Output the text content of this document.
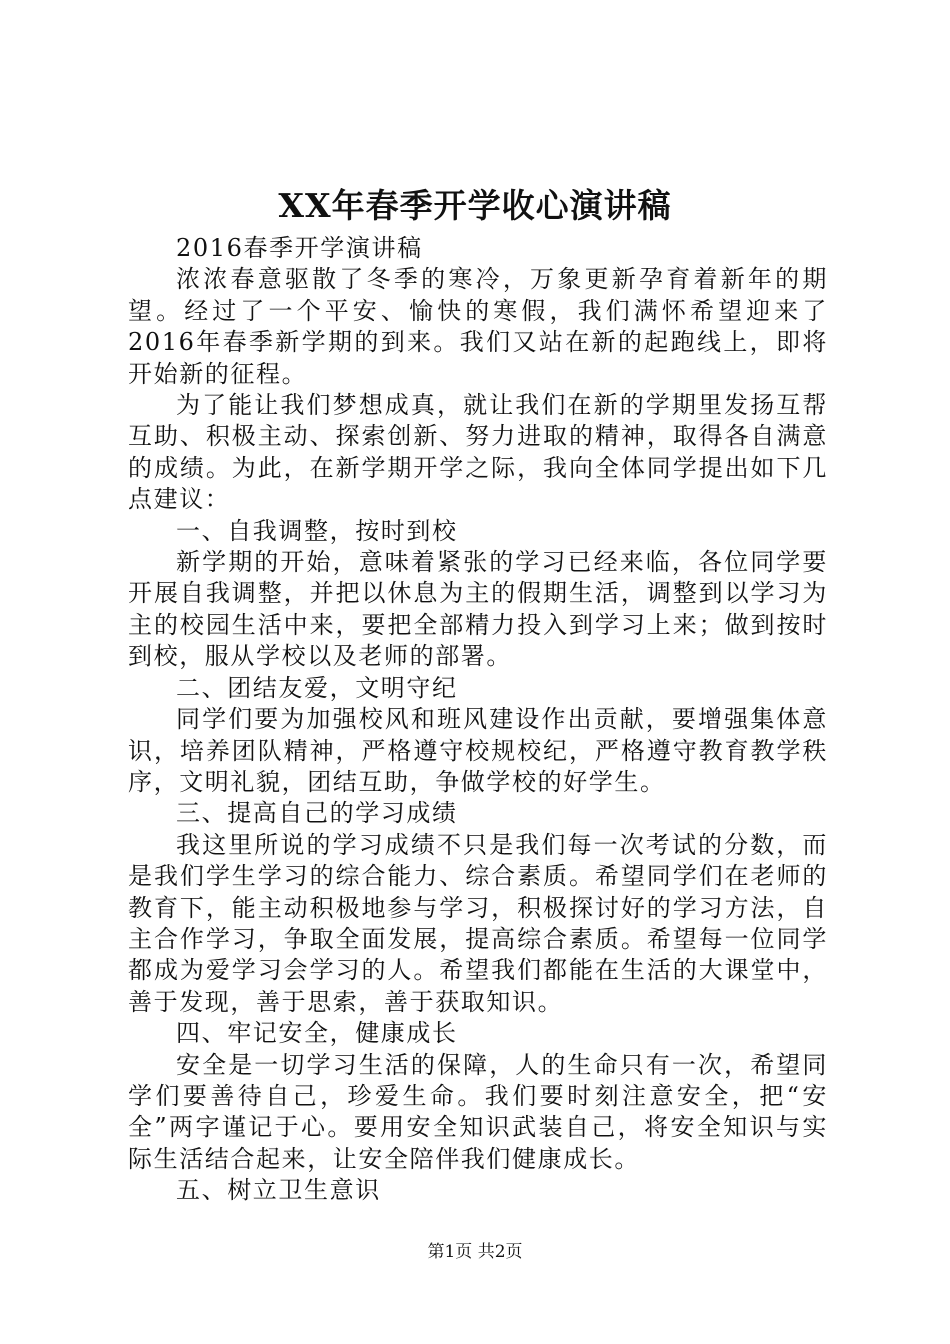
XX年春季开学收心演讲稿

2016春季开学演讲稿

浓浓春意驱散了冬季的寒冷，万象更新孕育着新年的期望。经过了一个平安、愉快的寒假，我们满怀希望迎来了2016年春季新学期的到来。我们又站在新的起跑线上，即将开始新的征程。

为了能让我们梦想成真，就让我们在新的学期里发扬互帮互助、积极主动、探索创新、努力进取的精神，取得各自满意的成绩。为此，在新学期开学之际，我向全体同学提出如下几点建议：

一、自我调整，按时到校

新学期的开始，意味着紧张的学习已经来临，各位同学要开展自我调整，并把以休息为主的假期生活，调整到以学习为主的校园生活中来，要把全部精力投入到学习上来；做到按时到校，服从学校以及老师的部署。

二、团结友爱，文明守纪

同学们要为加强校风和班风建设作出贡献，要增强集体意识，培养团队精神，严格遵守校规校纪，严格遵守教育教学秩序，文明礼貌，团结互助，争做学校的好学生。

三、提高自己的学习成绩

我这里所说的学习成绩不只是我们每一次考试的分数，而是我们学生学习的综合能力、综合素质。希望同学们在老师的教育下，能主动积极地参与学习，积极探讨好的学习方法，自主合作学习，争取全面发展，提高综合素质。希望每一位同学都成为爱学习会学习的人。希望我们都能在生活的大课堂中，善于发现，善于思索，善于获取知识。

四、牢记安全，健康成长

安全是一切学习生活的保障，人的生命只有一次，希望同学们要善待自己，珍爱生命。我们要时刻注意安全，把“安全”两字谨记于心。要用安全知识武装自己，将安全知识与实际生活结合起来，让安全陪伴我们健康成长。

五、树立卫生意识

第1页 共2页
